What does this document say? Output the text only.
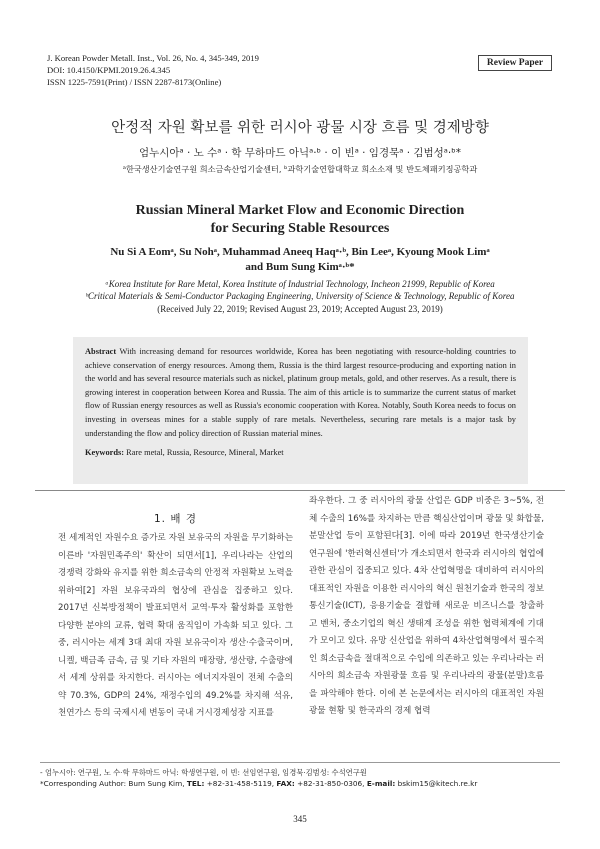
J. Korean Powder Metall. Inst., Vol. 26, No. 4, 345-349, 2019
DOI: 10.4150/KPMI.2019.26.4.345
ISSN 1225-7591(Print) / ISSN 2287-8173(Online)
Review Paper
안정적 자원 확보를 위한 러시아 광물 시장 흐름 및 경제방향
엄누시아ᵃ · 노 수ᵃ · 학 무하마드 아닉ᵃ·ᵇ · 이 빈ᵃ · 임경묵ᵃ · 김범성ᵃ·ᵇ*
ᵃ한국생산기술연구원 희소금속산업기술센터, ᵇ과학기술연합대학교 희소소재 및 반도체패키징공학과
Russian Mineral Market Flow and Economic Direction
for Securing Stable Resources
Nu Si A Eomᵃ, Su Nohᵃ, Muhammad Aneeq Haqᵃ·ᵇ, Bin Leeᵃ, Kyoung Mook Limᵃ
and Bum Sung Kimᵃ·ᵇ*
ᵃKorea Institute for Rare Metal, Korea Institute of Industrial Technology, Incheon 21999, Republic of Korea
ᵇCritical Materials & Semi-Conductor Packaging Engineering, University of Science & Technology, Republic of Korea
(Received July 22, 2019; Revised August 23, 2019; Accepted August 23, 2019)

Abstract With increasing demand for resources worldwide, Korea has been negotiating with resource-holding countries to achieve conservation of energy resources. Among them, Russia is the third largest resource-producing and exporting nation in the world and has several resource materials such as nickel, platinum group metals, gold, and other reserves. As a result, there is growing interest in cooperation between Korea and Russia. The aim of this article is to summarize the current status of market flow of Russian energy resources as well as Russia's economic cooperation with Korea. Notably, South Korea needs to focus on investing in overseas mines for a stable supply of rare metals. Nevertheless, securing rare metals is a major task by understanding the flow and policy direction of Russian material mines.

Keywords: Rare metal, Russia, Resource, Mineral, Market

1. 배 경
전 세계적인 자원수요 증가로 자원 보유국의 자원을 무기화하는 이른바 '자원민족주의' 확산이 되면서[1], 우리나라는 산업의 경쟁력 강화와 유지를 위한 희소금속의 안정적 자원확보 노력을 위하여[2] 자원 보유국과의 협상에 관심을 집중하고 있다. 2017년 신북방정책이 발표되면서 교역·투자 활성화를 포함한 다양한 분야의 교류, 협력 확대 움직임이 가속화 되고 있다. 그 중, 러시아는 세계 3대 최대 자원 보유국이자 생산·수출국이며, 니켈, 백금족 금속, 금 및 기타 자원의 매장량, 생산량, 수출량에서 세계 상위를 차지한다. 러시아는 에너지자원이 전체 수출의 약 70.3%, GDP의 24%, 재정수입의 49.2%를 차지해 석유, 천연가스 등의 국제시세 변동이 국내 거시경제성장 지표를
좌우한다. 그 중 러시아의 광물 산업은 GDP 비중은 3~5%, 전체 수출의 16%를 차지하는 만큼 핵심산업이며 광물 및 화합물, 분말산업 등이 포함된다[3]. 이에 따라 2019년 한국생산기술연구원에 '한러혁신센터'가 개소되면서 한국과 러시아의 협업에 관한 관심이 집중되고 있다. 4차 산업혁명을 대비하여 러시아의 대표적인 자원을 이용한 러시아의 혁신 원천기술과 한국의 정보통신기술(ICT), 응용기술을 결합해 새로운 비즈니스를 창출하고 벤처, 중소기업의 혁신 생태계 조성을 위한 협력체계에 기대가 모이고 있다. 유망 신산업을 위하여 4차산업혁명에서 필수적인 희소금속을 절대적으로 수입에 의존하고 있는 우리나라는 러시아의 희소금속 자원광물 흐름 및 우리나라의 광물(분말)흐름을 파악해야 한다. 이에 본 논문에서는 러시아의 대표적인 자원 광물 현황 및 한국과의 경제 협력
- 엄누시아: 연구원, 노 수·학 무하마드 아닉: 학생연구원, 이 빈: 선임연구원, 임경묵·김범성: 수석연구원
*Corresponding Author: Bum Sung Kim, TEL: +82-31-458-5119, FAX: +82-31-850-0306, E-mail: bskim15@kitech.re.kr
345
